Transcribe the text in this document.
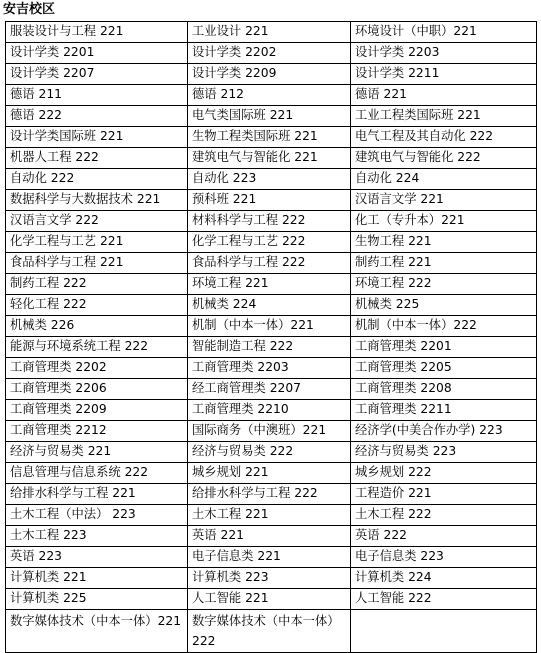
安吉校区
服装设计与工程 221	工业设计 221	环境设计（中职）221
设计学类 2201	设计学类 2202	设计学类 2203
设计学类 2207	设计学类 2209	设计学类 2211
德语 211	德语 212	德语 221
德语 222	电气类国际班 221	工业工程类国际班 221
设计学类国际班 221	生物工程类国际班 221	电气工程及其自动化 222
机器人工程 222	建筑电气与智能化 221	建筑电气与智能化 222
自动化 222	自动化 223	自动化 224
数据科学与大数据技术 221	预科班 221	汉语言文学 221
汉语言文学 222	材料科学与工程 222	化工（专升本）221
化学工程与工艺 221	化学工程与工艺 222	生物工程 221
食品科学与工程 221	食品科学与工程 222	制药工程 221
制药工程 222	环境工程 221	环境工程 222
轻化工程 222	机械类 224	机械类 225
机械类 226	机制（中本一体）221	机制（中本一体）222
能源与环境系统工程 222	智能制造工程 222	工商管理类 2201
工商管理类 2202	工商管理类 2203	工商管理类 2205
工商管理类 2206	经工商管理类 2207	工商管理类 2208
工商管理类 2209	工商管理类 2210	工商管理类 2211
工商管理类 2212	国际商务（中澳班）221	经济学(中美合作办学) 223
经济与贸易类 221	经济与贸易类 222	经济与贸易类 223
信息管理与信息系统 222	城乡规划 221	城乡规划 222
给排水科学与工程 221	给排水科学与工程 222	工程造价 221
土木工程（中法） 223	土木工程 221	土木工程 222
土木工程 223	英语 221	英语 222
英语 223	电子信息类 221	电子信息类 223
计算机类 221	计算机类 223	计算机类 224
计算机类 225	人工智能 221	人工智能 222
数字媒体技术（中本一体）221	数字媒体技术（中本一体）222	
